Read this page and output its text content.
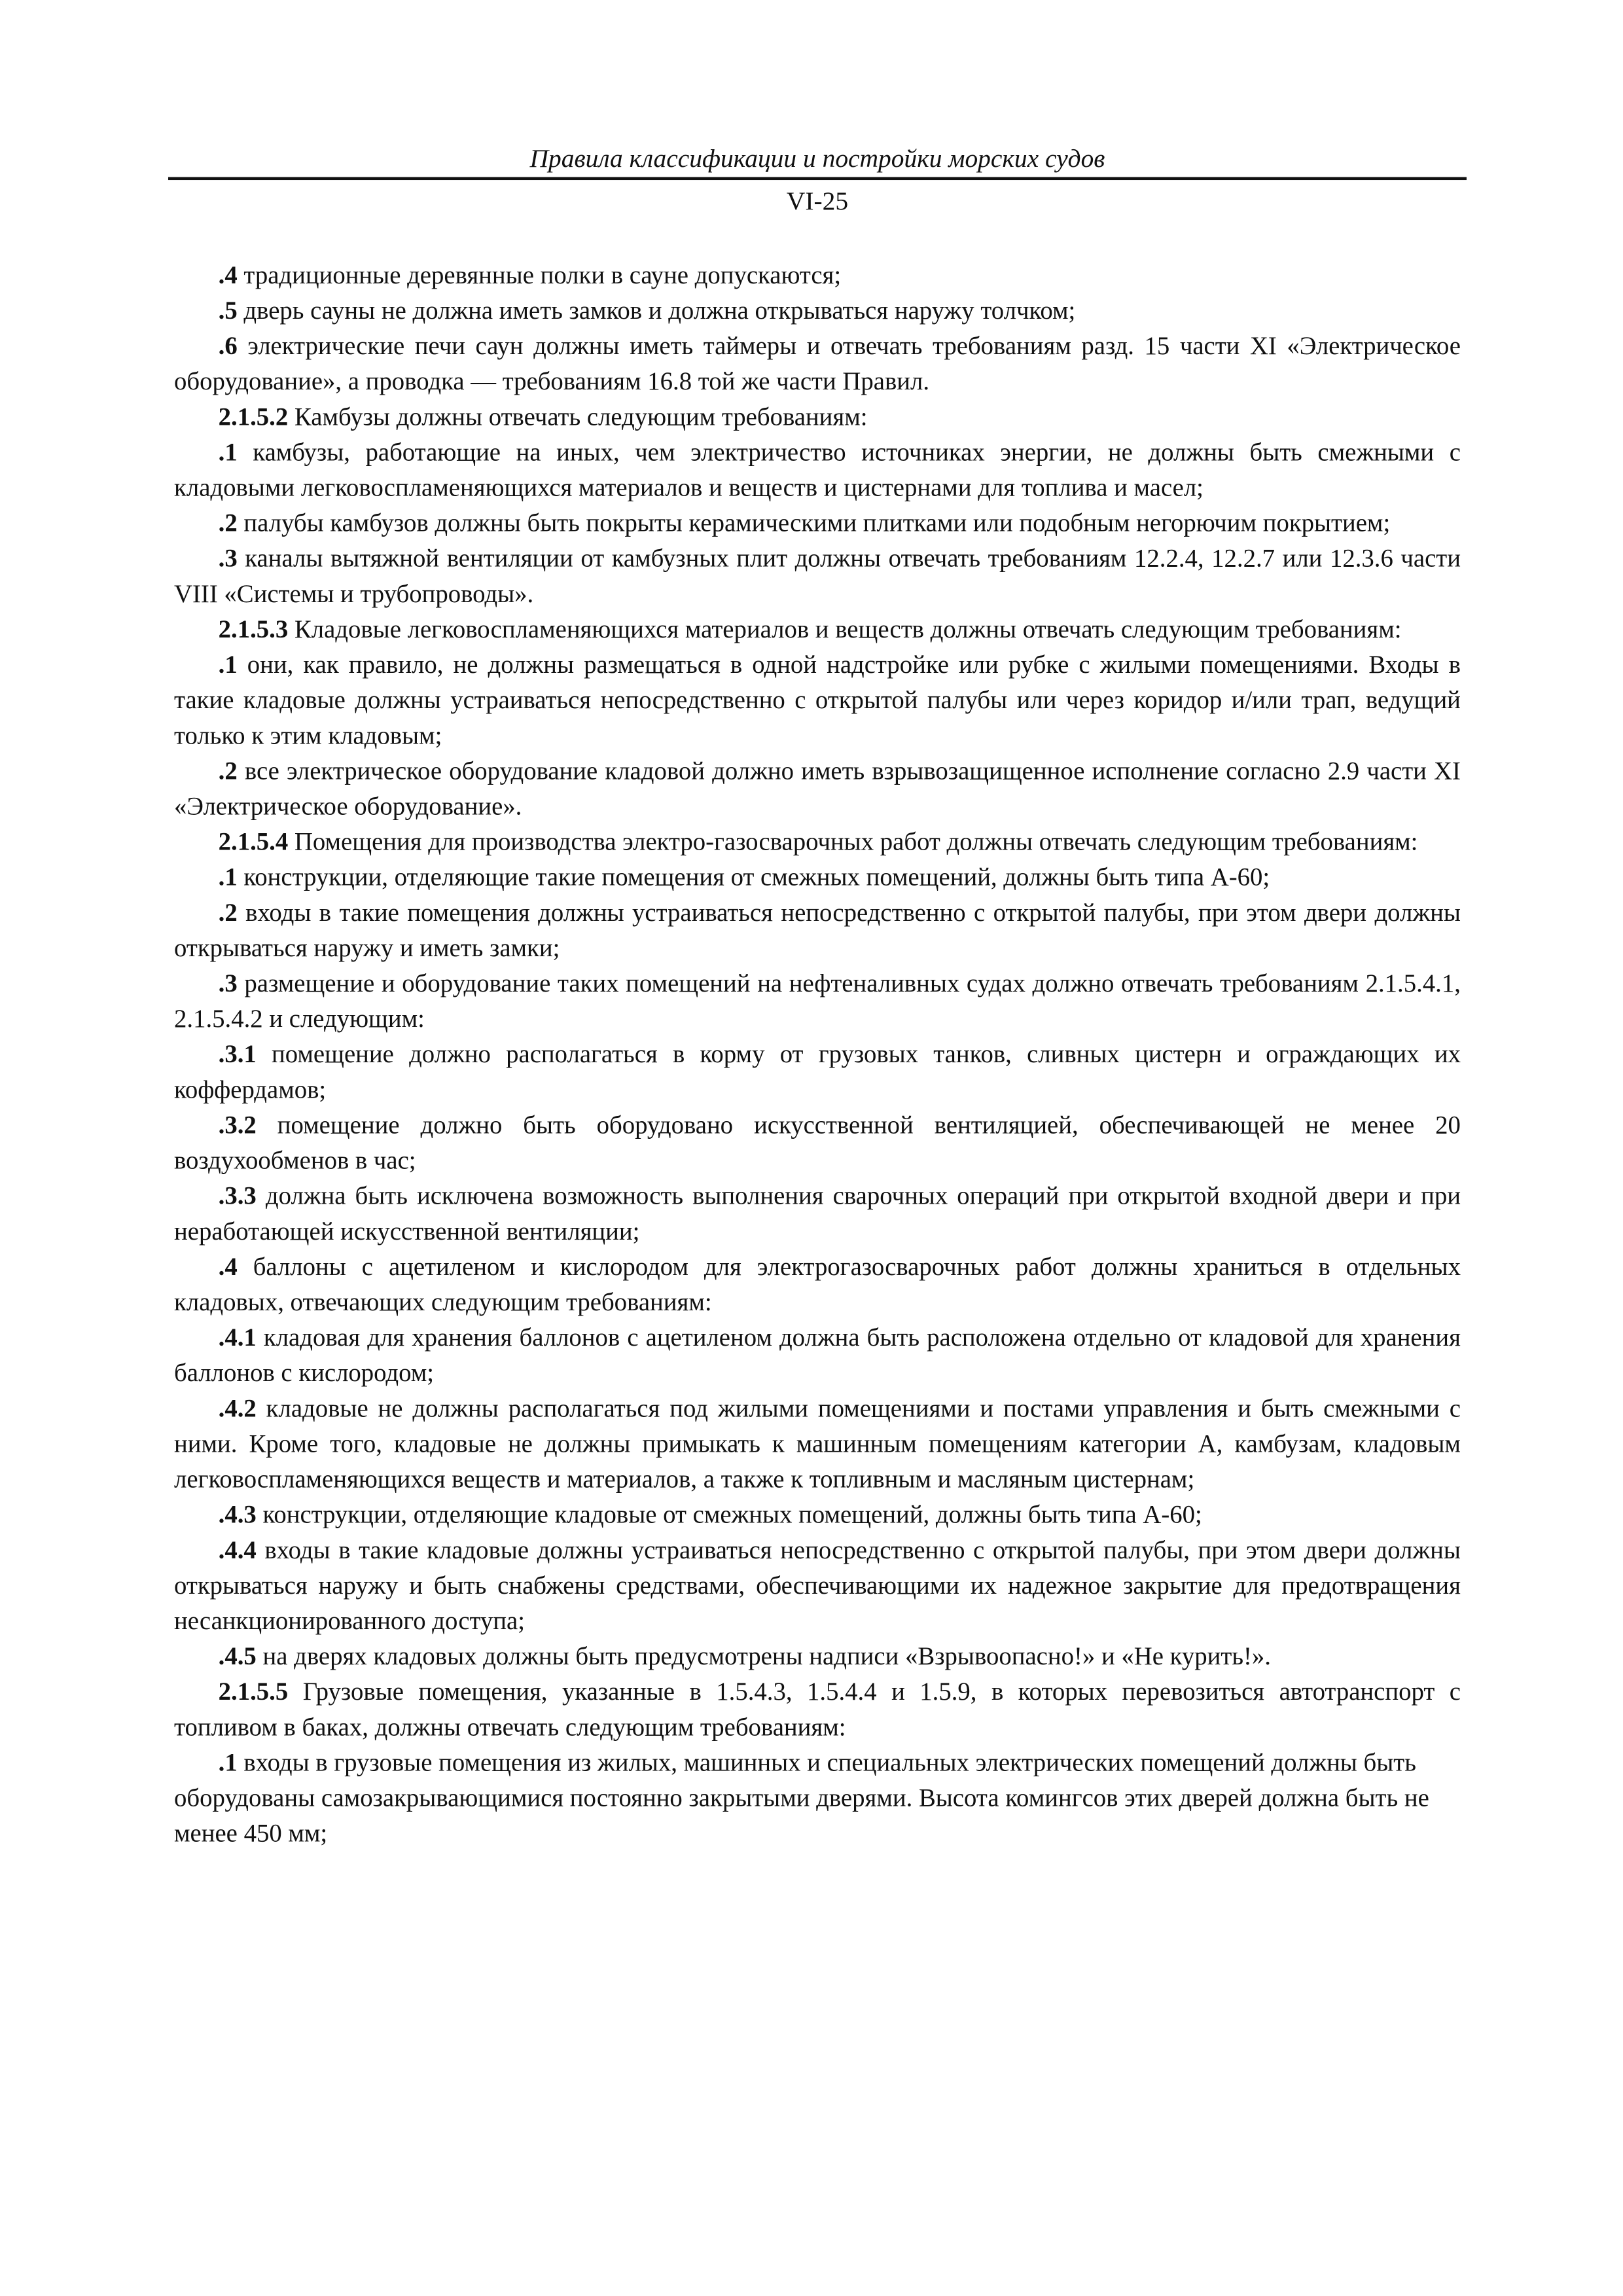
Правила классификации и постройки морских судов
VI-25

.4 традиционные деревянные полки в сауне допускаются;

.5 дверь сауны не должна иметь замков и должна открываться наружу толчком;

.6 электрические печи саун должны иметь таймеры и отвечать требованиям разд. 15 части XI «Электрическое оборудование», а проводка — требованиям 16.8 той же части Правил.

2.1.5.2 Камбузы должны отвечать следующим требованиям:

.1 камбузы, работающие на иных, чем электричество источниках энергии, не должны быть смежными с кладовыми легковоспламеняющихся материалов и веществ и цистернами для топлива и масел;

.2 палубы камбузов должны быть покрыты керамическими плитками или подобным негорючим покрытием;

.3 каналы вытяжной вентиляции от камбузных плит должны отвечать требованиям 12.2.4, 12.2.7 или 12.3.6 части VIII «Системы и трубопроводы».

2.1.5.3 Кладовые легковоспламеняющихся материалов и веществ должны отвечать следующим требованиям:

.1 они, как правило, не должны размещаться в одной надстройке или рубке с жилыми помещениями. Входы в такие кладовые должны устраиваться непосредственно с открытой палубы или через коридор и/или трап, ведущий только к этим кладовым;

.2 все электрическое оборудование кладовой должно иметь взрывозащищенное исполнение согласно 2.9 части XI «Электрическое оборудование».

2.1.5.4 Помещения для производства электро-газосварочных работ должны отвечать следующим требованиям:

.1 конструкции, отделяющие такие помещения от смежных помещений, должны быть типа А-60;

.2 входы в такие помещения должны устраиваться непосредственно с открытой палубы, при этом двери должны открываться наружу и иметь замки;

.3 размещение и оборудование таких помещений на нефтеналивных судах должно отвечать требованиям 2.1.5.4.1, 2.1.5.4.2 и следующим:

.3.1 помещение должно располагаться в корму от грузовых танков, сливных цистерн и ограждающих их коффердамов;

.3.2 помещение должно быть оборудовано искусственной вентиляцией, обеспечивающей не менее 20 воздухообменов в час;

.3.3 должна быть исключена возможность выполнения сварочных операций при открытой входной двери и при неработающей искусственной вентиляции;

.4 баллоны с ацетиленом и кислородом для электрогазосварочных работ должны храниться в отдельных кладовых, отвечающих следующим требованиям:

.4.1 кладовая для хранения баллонов с ацетиленом должна быть расположена отдельно от кладовой для хранения баллонов с кислородом;

.4.2 кладовые не должны располагаться под жилыми помещениями и постами управления и быть смежными с ними. Кроме того, кладовые не должны примыкать к машинным помещениям категории А, камбузам, кладовым легковоспламеняющихся веществ и материалов, а также к топливным и масляным цистернам;

.4.3 конструкции, отделяющие кладовые от смежных помещений, должны быть типа А-60;

.4.4 входы в такие кладовые должны устраиваться непосредственно с открытой палубы, при этом двери должны открываться наружу и быть снабжены средствами, обеспечивающими их надежное закрытие для предотвращения несанкционированного доступа;

.4.5 на дверях кладовых должны быть предусмотрены надписи «Взрывоопасно!» и «Не курить!».

2.1.5.5 Грузовые помещения, указанные в 1.5.4.3, 1.5.4.4 и 1.5.9, в которых перевозиться автотранспорт с топливом в баках, должны отвечать следующим требованиям:

.1 входы в грузовые помещения из жилых, машинных и специальных электрических помещений должны быть оборудованы самозакрывающимися постоянно закрытыми дверями. Высота комингсов этих дверей должна быть не менее 450 мм;
